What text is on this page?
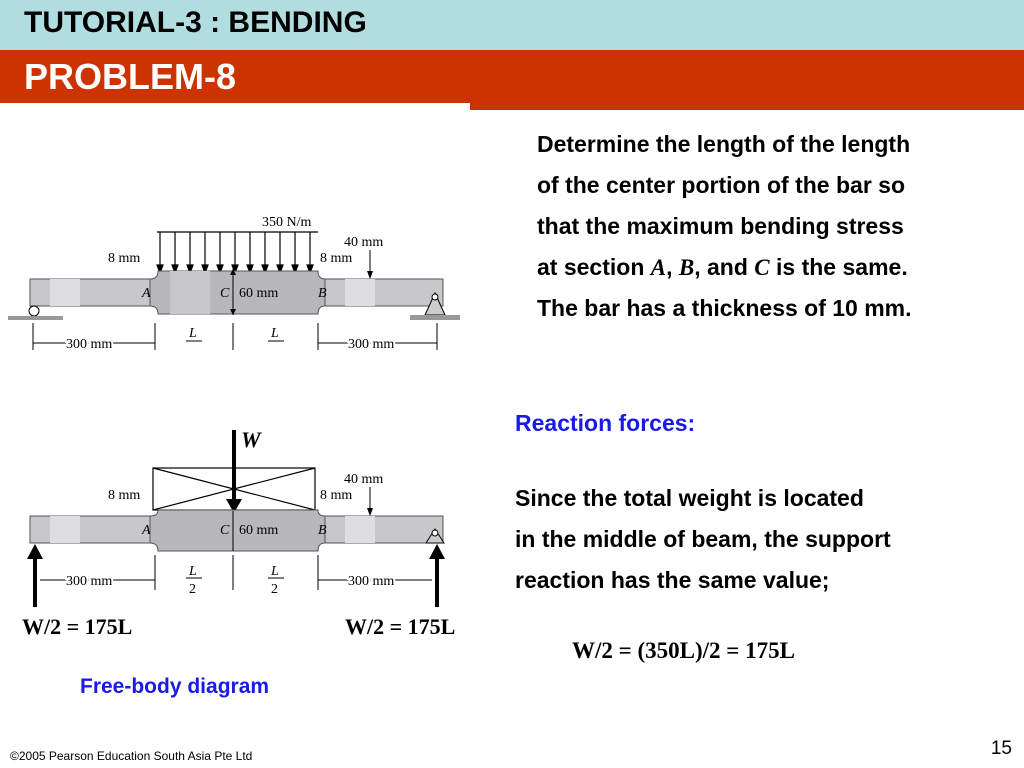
TUTORIAL-3 : BENDING
PROBLEM-8
Determine the length of the length
of the center portion of the bar so
that the maximum bending stress
at section A, B, and C is the same.
The bar has a thickness of 10 mm.
350 N/m
40 mm
8 mm	8 mm
A	C 60 mm	B
300 mm	300 mm
L	L
W
40 mm
8 mm	8 mm
A	C 60 mm	B
300 mm	300 mm
L	L
2	2
W/2 = 175L	W/2 = 175L
Free-body diagram
Reaction forces:
Since the total weight is located
in the middle of beam, the support
reaction has the same value;
W/2 = (350L)/2 = 175L
©2005 Pearson Education South Asia Pte Ltd	15
